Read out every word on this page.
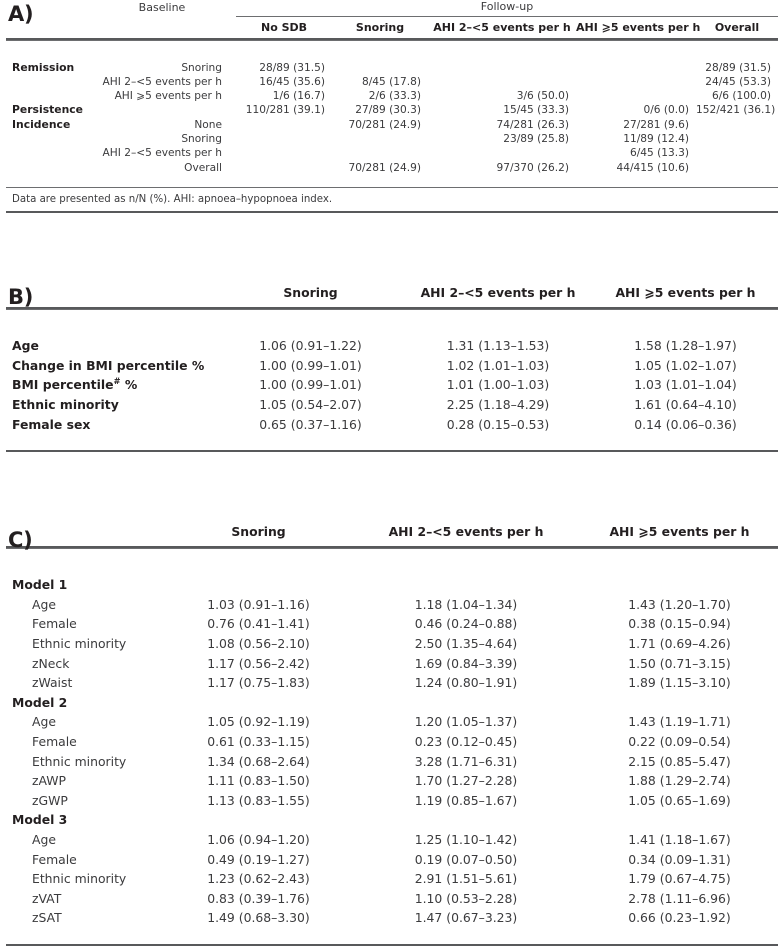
A)
		Baseline	Follow-up				

		No SDB	Snoring	AHI 2–<5 events per h	AHI ⩾5 events per h	Overall

Remission	Snoring	28/89 (31.5)				28/89 (31.5)
	AHI 2–<5 events per h	16/45 (35.6)	8/45 (17.8)			24/45 (53.3)
	AHI ⩾5 events per h	1/6 (16.7)	2/6 (33.3)	3/6 (50.0)		6/6 (100.0)
Persistence		110/281 (39.1)	27/89 (30.3)	15/45 (33.3)	0/6 (0.0)	152/421 (36.1)
Incidence	None		70/281 (24.9)	74/281 (26.3)	27/281 (9.6)	
	Snoring			23/89 (25.8)	11/89 (12.4)	
	AHI 2–<5 events per h				6/45 (13.3)	
	Overall		70/281 (24.9)	97/370 (26.2)	44/415 (10.6)	

Data are presented as n/N (%). AHI: apnoea–hypopnoea index.						

B)
		Snoring	AHI 2–<5 events per h	AHI ⩾5 events per h

Age	1.06 (0.91–1.22)	1.31 (1.13–1.53)	1.58 (1.28–1.97)
Change in BMI percentile %	1.00 (0.99–1.01)	1.02 (1.01–1.03)	1.05 (1.02–1.07)
BMI percentile# %	1.00 (0.99–1.01)	1.01 (1.00–1.03)	1.03 (1.01–1.04)
Ethnic minority	1.05 (0.54–2.07)	2.25 (1.18–4.29)	1.61 (0.64–4.10)
Female sex	0.65 (0.37–1.16)	0.28 (0.15–0.53)	0.14 (0.06–0.36)

C)
		Snoring	AHI 2–<5 events per h	AHI ⩾5 events per h

Model 1			
Age	1.03 (0.91–1.16)	1.18 (1.04–1.34)	1.43 (1.20–1.70)
Female	0.76 (0.41–1.41)	0.46 (0.24–0.88)	0.38 (0.15–0.94)
Ethnic minority	1.08 (0.56–2.10)	2.50 (1.35–4.64)	1.71 (0.69–4.26)
zNeck	1.17 (0.56–2.42)	1.69 (0.84–3.39)	1.50 (0.71–3.15)
zWaist	1.17 (0.75–1.83)	1.24 (0.80–1.91)	1.89 (1.15–3.10)
Model 2			
Age	1.05 (0.92–1.19)	1.20 (1.05–1.37)	1.43 (1.19–1.71)
Female	0.61 (0.33–1.15)	0.23 (0.12–0.45)	0.22 (0.09–0.54)
Ethnic minority	1.34 (0.68–2.64)	3.28 (1.71–6.31)	2.15 (0.85–5.47)
zAWP	1.11 (0.83–1.50)	1.70 (1.27–2.28)	1.88 (1.29–2.74)
zGWP	1.13 (0.83–1.55)	1.19 (0.85–1.67)	1.05 (0.65–1.69)
Model 3			
Age	1.06 (0.94–1.20)	1.25 (1.10–1.42)	1.41 (1.18–1.67)
Female	0.49 (0.19–1.27)	0.19 (0.07–0.50)	0.34 (0.09–1.31)
Ethnic minority	1.23 (0.62–2.43)	2.91 (1.51–5.61)	1.79 (0.67–4.75)
zVAT	0.83 (0.39–1.76)	1.10 (0.53–2.28)	2.78 (1.11–6.96)
zSAT	1.49 (0.68–3.30)	1.47 (0.67–3.23)	0.66 (0.23–1.92)
